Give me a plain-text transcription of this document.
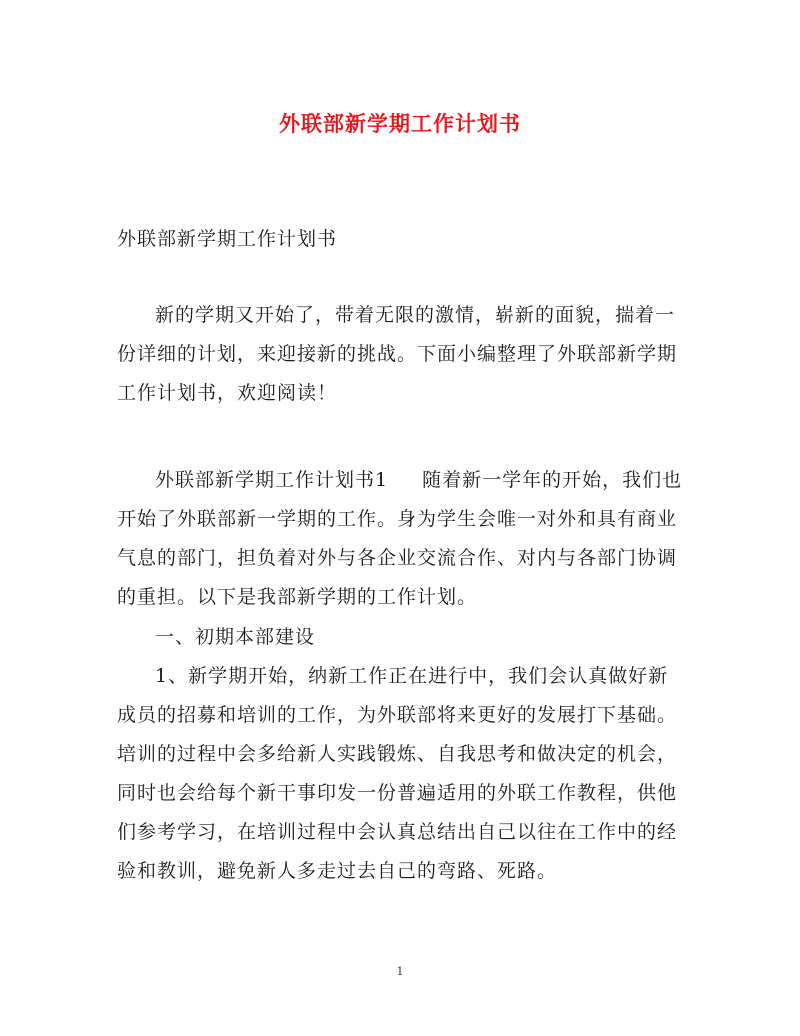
外联部新学期工作计划书

外联部新学期工作计划书

新的学期又开始了，带着无限的激情，崭新的面貌，揣着一份详细的计划，来迎接新的挑战。下面小编整理了外联部新学期工作计划书，欢迎阅读！

外联部新学期工作计划书1 随着新一学年的开始，我们也开始了外联部新一学期的工作。身为学生会唯一对外和具有商业气息的部门，担负着对外与各企业交流合作、对内与各部门协调的重担。以下是我部新学期的工作计划。

一、初期本部建设

1、新学期开始，纳新工作正在进行中，我们会认真做好新成员的招募和培训的工作，为外联部将来更好的发展打下基础。培训的过程中会多给新人实践锻炼、自我思考和做决定的机会，同时也会给每个新干事印发一份普遍适用的外联工作教程，供他们参考学习，在培训过程中会认真总结出自己以往在工作中的经验和教训，避免新人多走过去自己的弯路、死路。

1
